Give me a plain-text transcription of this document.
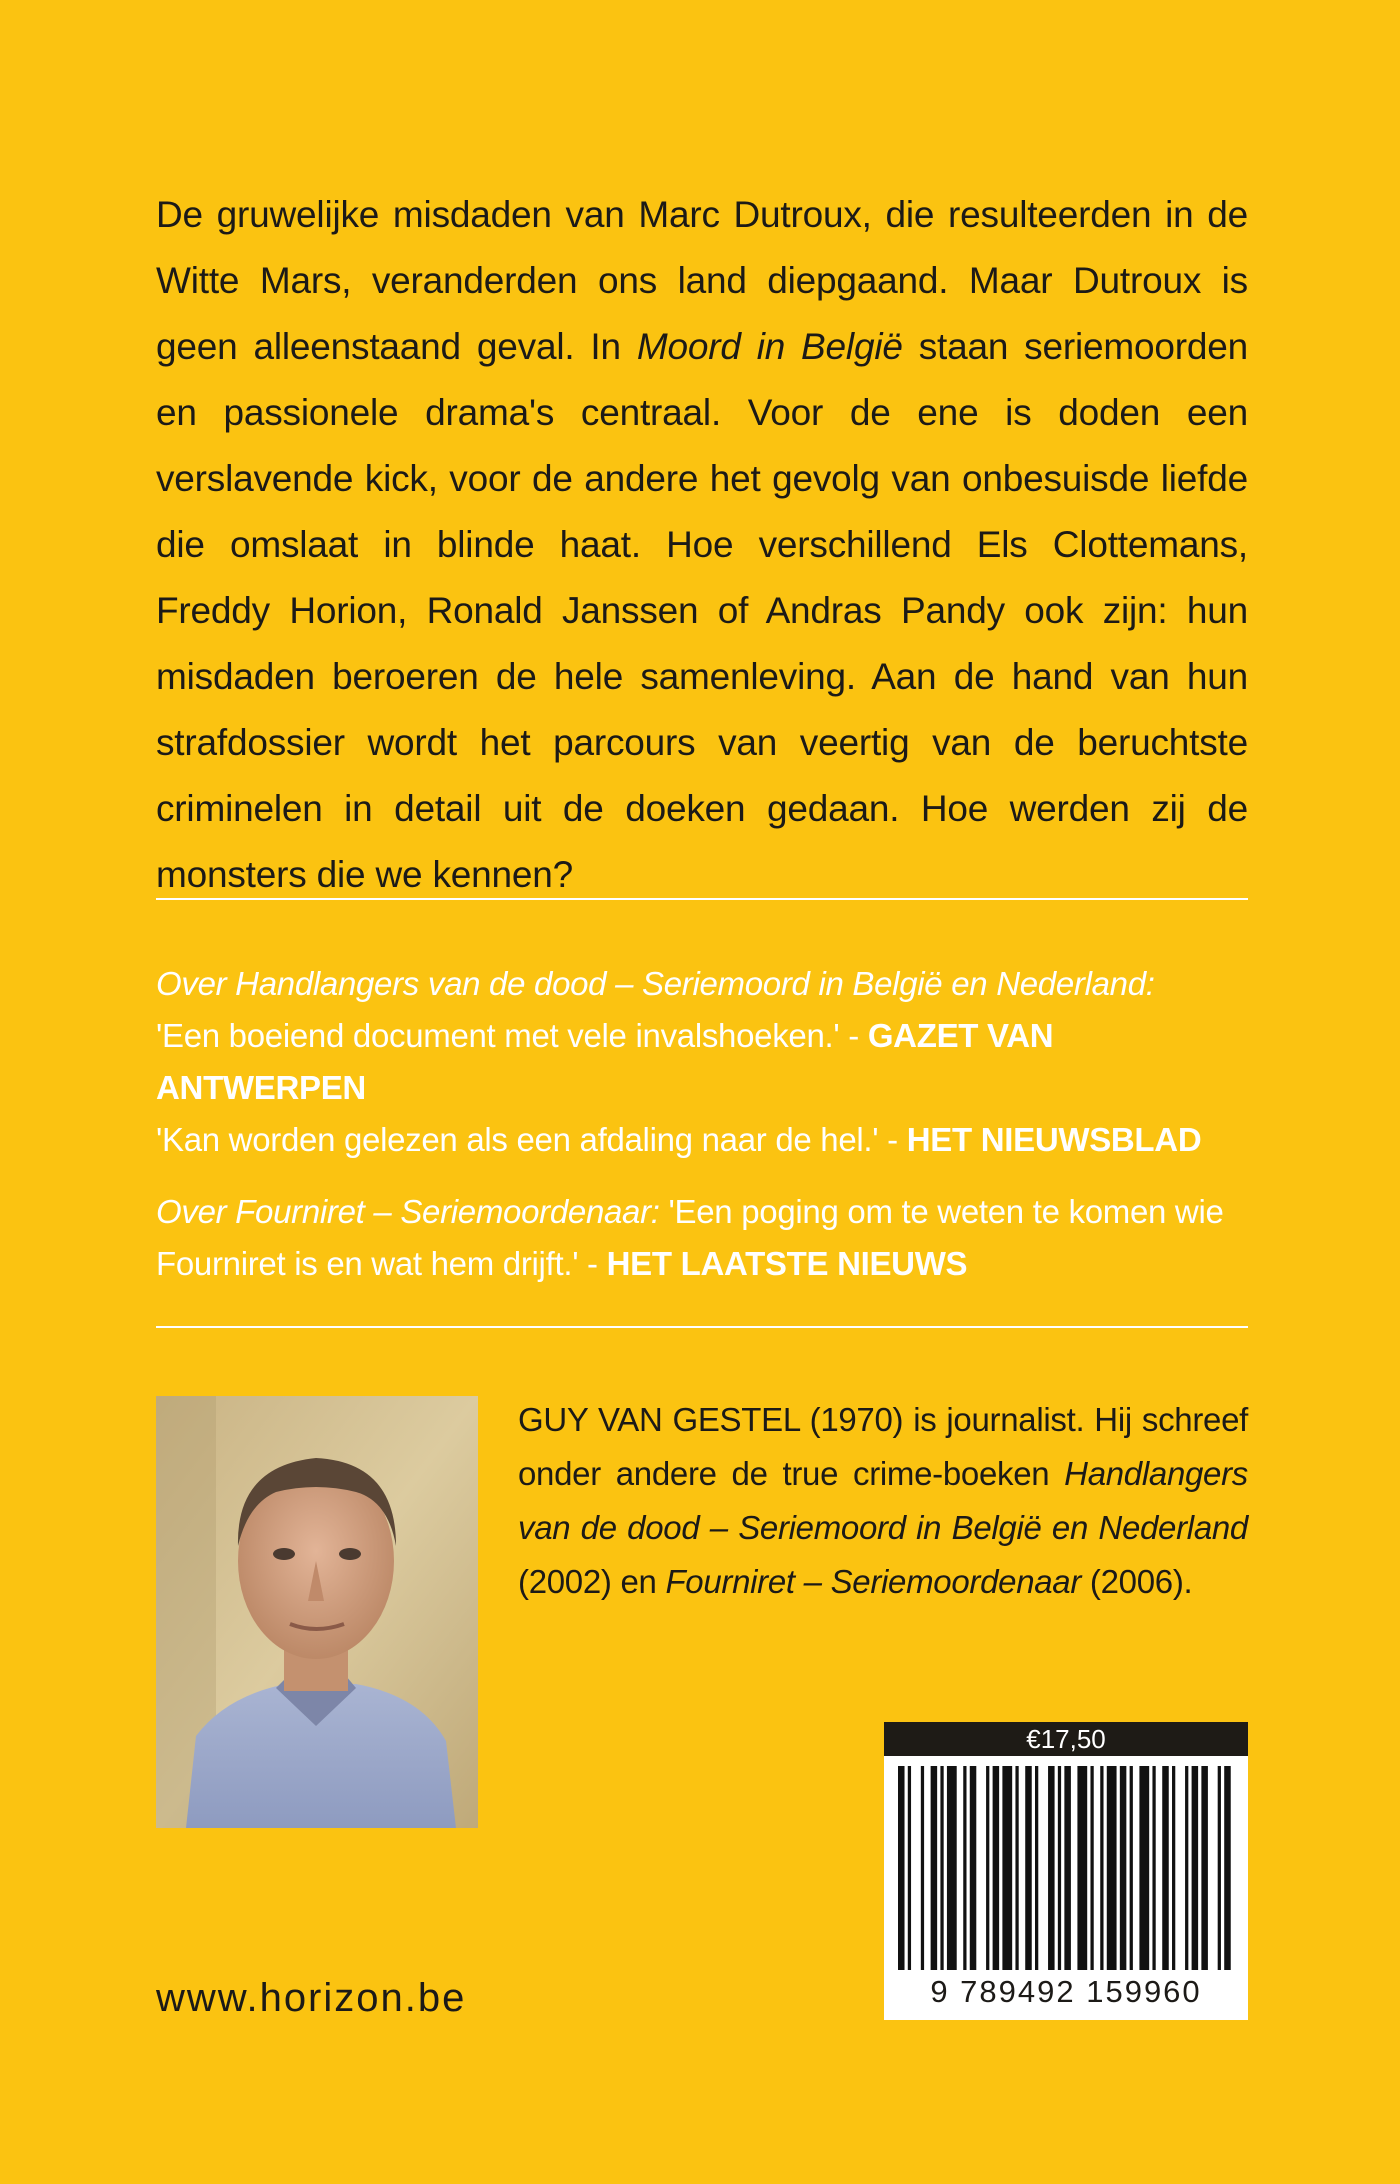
De gruwelijke misdaden van Marc Dutroux, die resulteerden in de Witte Mars, veranderden ons land diepgaand. Maar Dutroux is geen alleenstaand geval. In Moord in België staan seriemoorden en passionele drama's centraal. Voor de ene is doden een verslavende kick, voor de andere het gevolg van onbesuisde liefde die omslaat in blinde haat. Hoe verschillend Els Clottemans, Freddy Horion, Ronald Janssen of Andras Pandy ook zijn: hun misdaden beroeren de hele samenleving. Aan de hand van hun strafdossier wordt het parcours van veertig van de beruchtste criminelen in detail uit de doeken gedaan. Hoe werden zij de monsters die we kennen?

Over Handlangers van de dood – Seriemoord in België en Nederland:
'Een boeiend document met vele invalshoeken.' - GAZET VAN ANTWERPEN
'Kan worden gelezen als een afdaling naar de hel.' - HET NIEUWSBLAD

Over Fourniret – Seriemoordenaar: 'Een poging om te weten te komen wie Fourniret is en wat hem drijft.' - HET LAATSTE NIEUWS

GUY VAN GESTEL (1970) is journalist. Hij schreef onder andere de true crime-boeken Handlangers van de dood – Seriemoord in België en Nederland (2002) en Fourniret – Seriemoordenaar (2006).
€17,50
9 789492 159960
www.horizon.be
